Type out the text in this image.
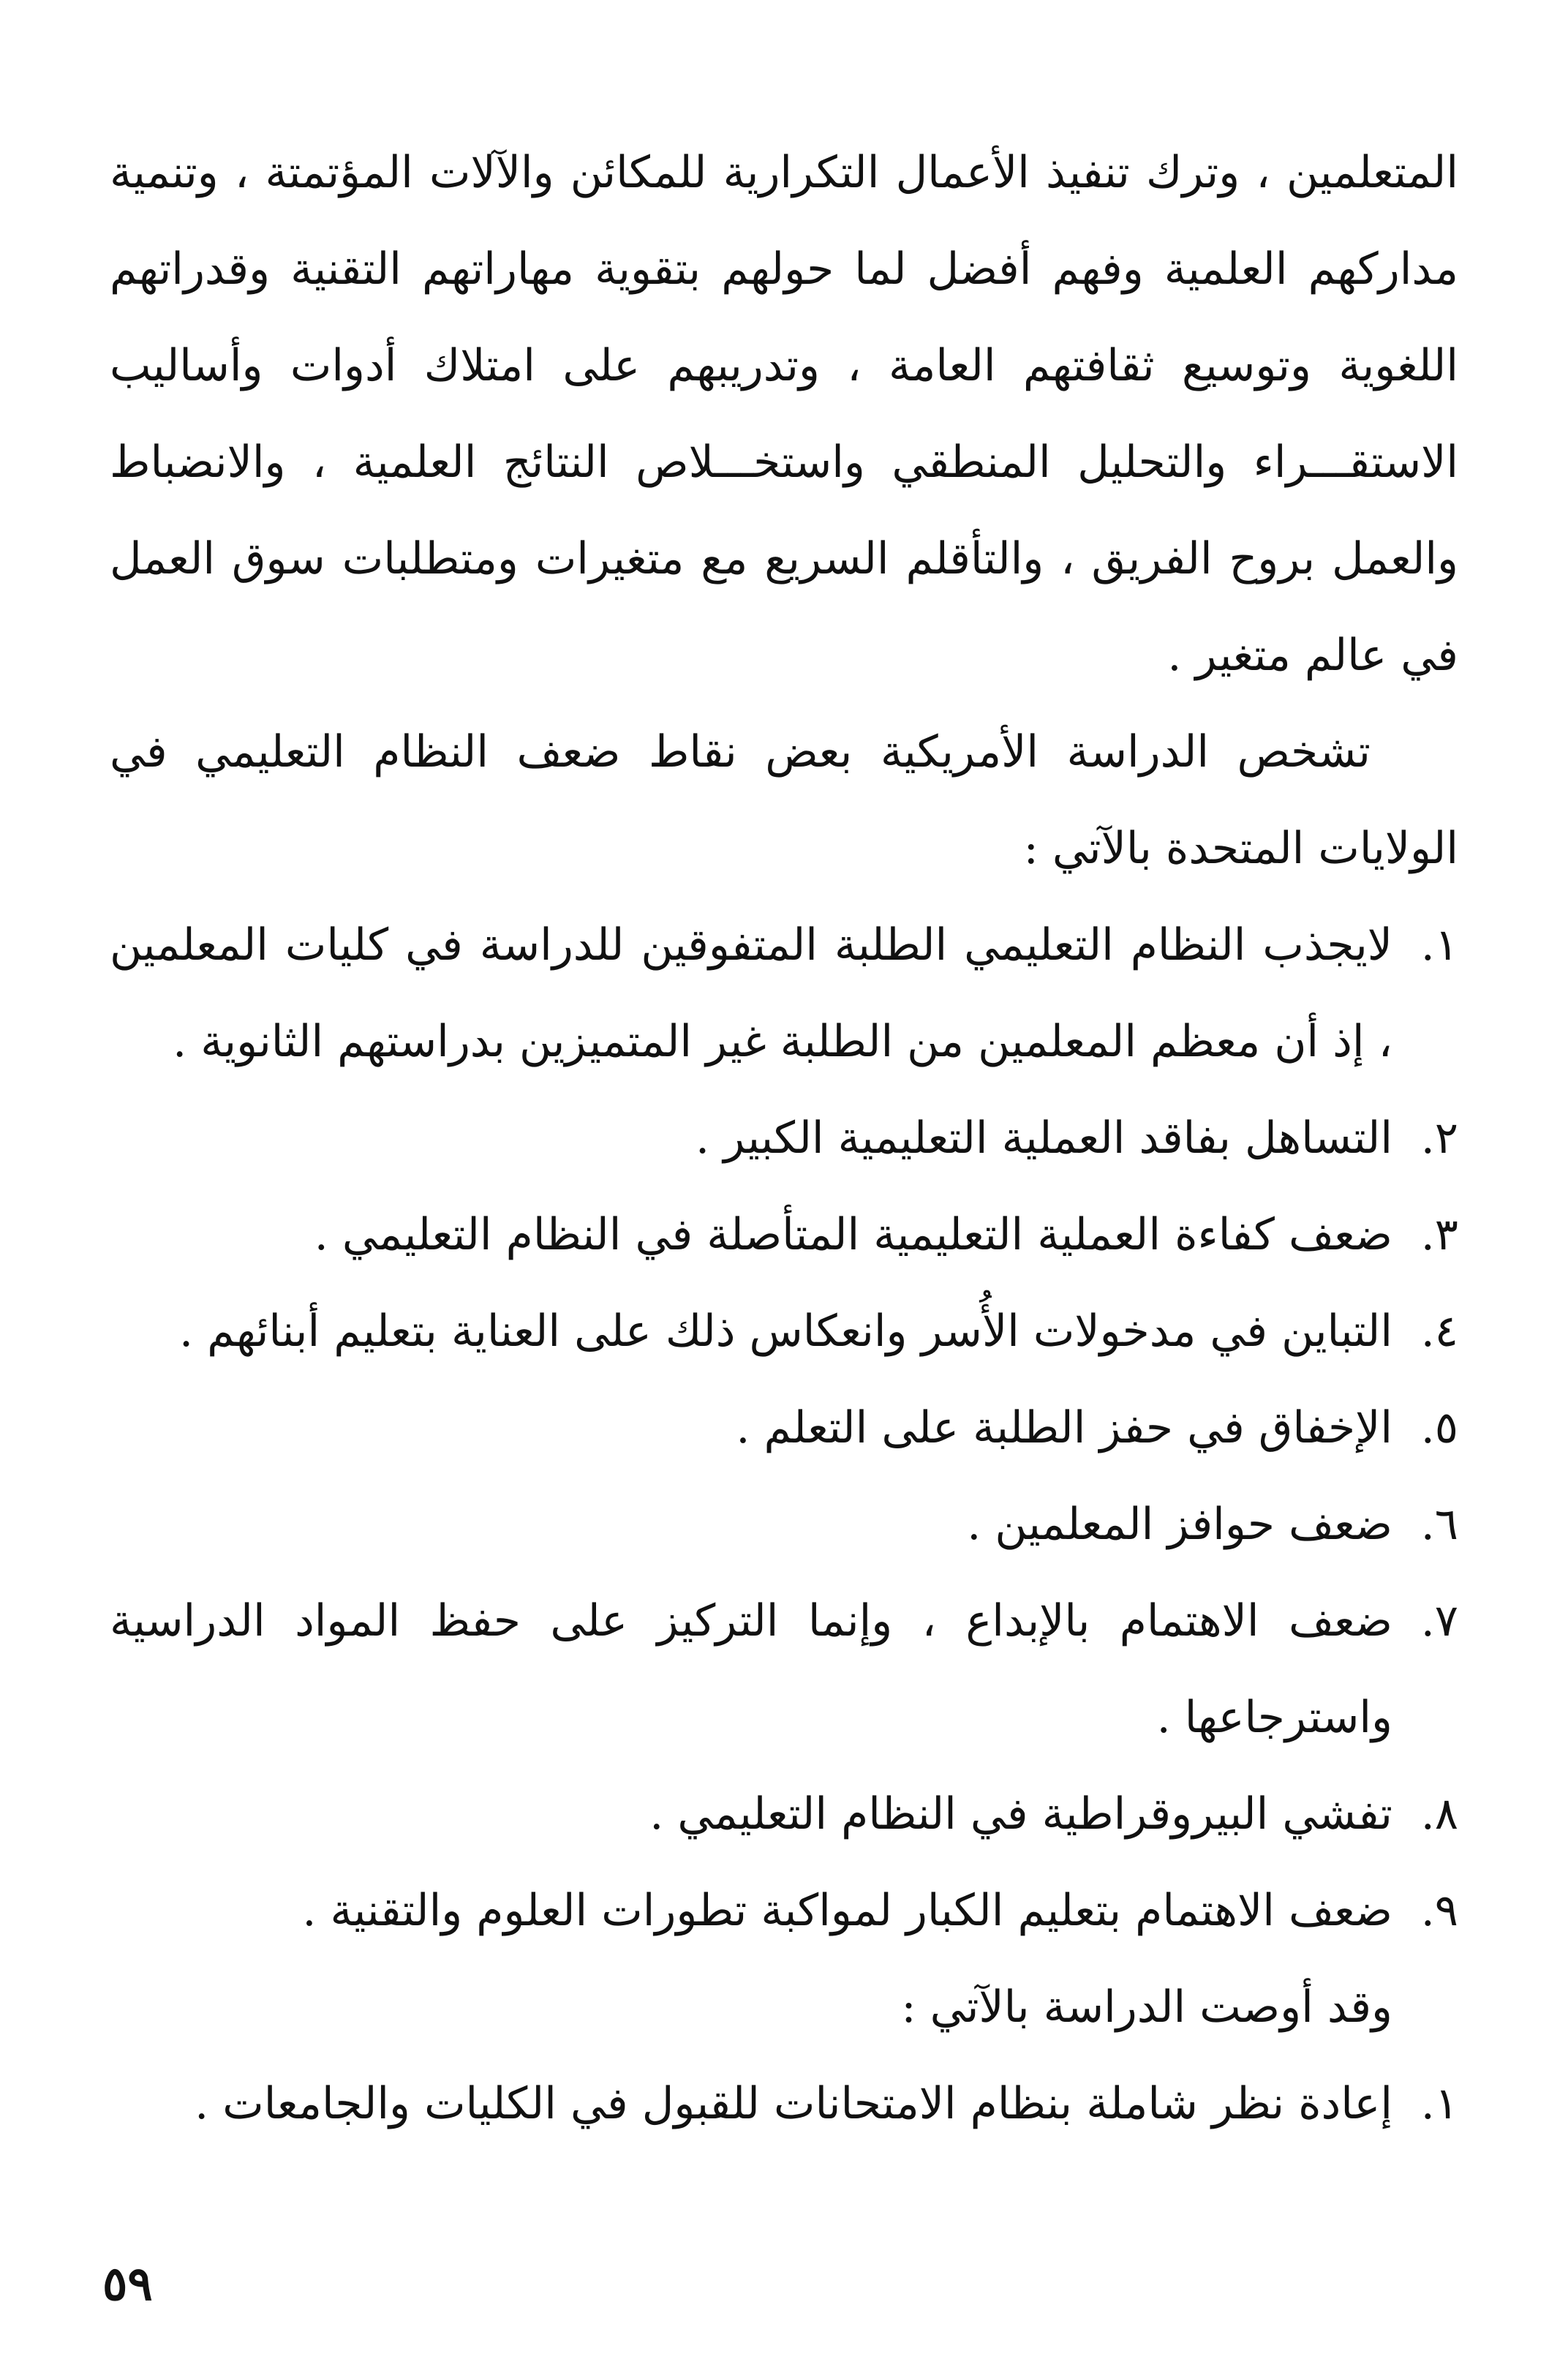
المتعلمين ، وترك تنفيذ الأعمال التكرارية للمكائن والآلات المؤتمتة ، وتنمية مداركهم العلمية وفهم أفضل لما حولهم بتقوية مهاراتهم التقنية وقدراتهم اللغوية وتوسيع ثقافتهم العامة ، وتدريبهم على امتلاك أدوات وأساليب الاستقـــراء والتحليل المنطقي واستخـــلاص النتائج العلمية ، والانضباط والعمل بروح الفريق ، والتأقلم السريع مع متغيرات ومتطلبات سوق العمل في عالم متغير .

تشخص الدراسة الأمريكية بعض نقاط ضعف النظام التعليمي في الولايات المتحدة بالآتي :

١.
لايجذب النظام التعليمي الطلبة المتفوقين للدراسة في كليات المعلمين ، إذ أن معظم المعلمين من الطلبة غير المتميزين بدراستهم الثانوية .
٢.
التساهل بفاقد العملية التعليمية الكبير .
٣.
ضعف كفاءة العملية التعليمية المتأصلة في النظام التعليمي .
٤.
التباين في مدخولات الأُسر وانعكاس ذلك على العناية بتعليم أبنائهم .
٥.
الإخفاق في حفز الطلبة على التعلم .
٦.
ضعف حوافز المعلمين .
٧.
ضعف الاهتمام بالإبداع ، وإنما التركيز على حفظ المواد الدراسية واسترجاعها .
٨.
تفشي البيروقراطية في النظام التعليمي .
٩.
ضعف الاهتمام بتعليم الكبار لمواكبة تطورات العلوم والتقنية .

وقد أوصت الدراسة بالآتي :

١.
إعادة نظر شاملة بنظام الامتحانات للقبول في الكليات والجامعات .
٥٩
